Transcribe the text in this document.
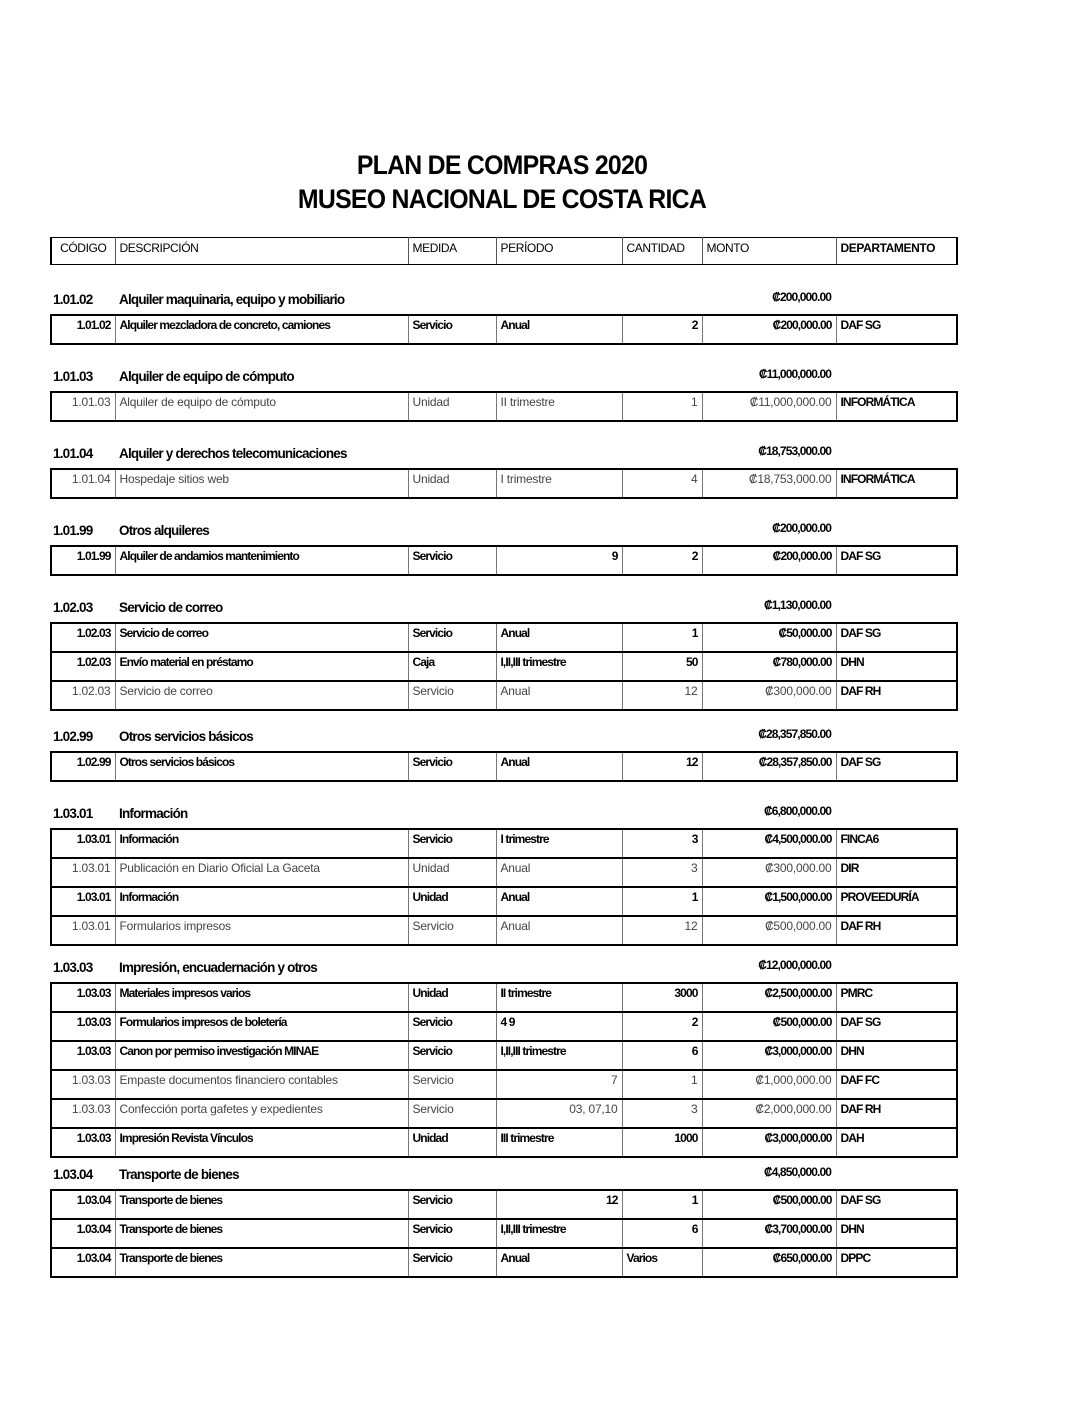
PLAN DE COMPRAS 2020
MUSEO NACIONAL DE COSTA RICA
CÓDIGO	DESCRIPCIÓN	MEDIDA	PERÍODO	CANTIDAD	MONTO	DEPARTAMENTO
1.01.02 Alquiler maquinaria, equipo y mobiliario	₡200,000.00
1.01.02	Alquiler mezcladora de concreto, camiones	Servicio	Anual	2	₡200,000.00	DAF SG
1.01.03 Alquiler de equipo de cómputo	₡11,000,000.00
1.01.03	Alquiler de equipo de cómputo	Unidad	II trimestre	1	₡11,000,000.00	INFORMÁTICA
1.01.04 Alquiler y derechos telecomunicaciones	₡18,753,000.00
1.01.04	Hospedaje sitios web	Unidad	I trimestre	4	₡18,753,000.00	INFORMÁTICA
1.01.99 Otros alquileres	₡200,000.00
1.01.99	Alquiler de andamios mantenimiento	Servicio	9	2	₡200,000.00	DAF SG
1.02.03 Servicio de correo	₡1,130,000.00
1.02.03	Servicio de correo	Servicio	Anual	1	₡50,000.00	DAF SG
1.02.03	Envío material en préstamo	Caja	I,II,III trimestre	50	₡780,000.00	DHN
1.02.03	Servicio de correo	Servicio	Anual	12	₡300,000.00	DAF RH
1.02.99 Otros servicios básicos	₡28,357,850.00
1.02.99	Otros servicios básicos	Servicio	Anual	12	₡28,357,850.00	DAF SG
1.03.01 Información	₡6,800,000.00
1.03.01	Información	Servicio	I trimestre	3	₡4,500,000.00	FINCA6
1.03.01	Publicación en Diario Oficial La Gaceta	Unidad	Anual	3	₡300,000.00	DIR
1.03.01	Información	Unidad	Anual	1	₡1,500,000.00	PROVEEDURÍA
1.03.01	Formularios impresos	Servicio	Anual	12	₡500,000.00	DAF RH
1.03.03 Impresión, encuadernación y otros	₡12,000,000.00
1.03.03	Materiales impresos varios	Unidad	II trimestre	3000	₡2,500,000.00	PMRC
1.03.03	Formularios impresos de boletería	Servicio	4 9	2	₡500,000.00	DAF SG
1.03.03	Canon por permiso investigación MINAE	Servicio	I,II,III trimestre	6	₡3,000,000.00	DHN
1.03.03	Empaste documentos financiero contables	Servicio	7	1	₡1,000,000.00	DAF FC
1.03.03	Confección porta gafetes y expedientes	Servicio	03, 07,10	3	₡2,000,000.00	DAF RH
1.03.03	Impresión Revista Vínculos	Unidad	III trimestre	1000	₡3,000,000.00	DAH
1.03.04 Transporte de bienes	₡4,850,000.00
1.03.04	Transporte de bienes	Servicio	12	1	₡500,000.00	DAF SG
1.03.04	Transporte de bienes	Servicio	I,II,III trimestre	6	₡3,700,000.00	DHN
1.03.04	Transporte de bienes	Servicio	Anual	Varios	₡650,000.00	DPPC
